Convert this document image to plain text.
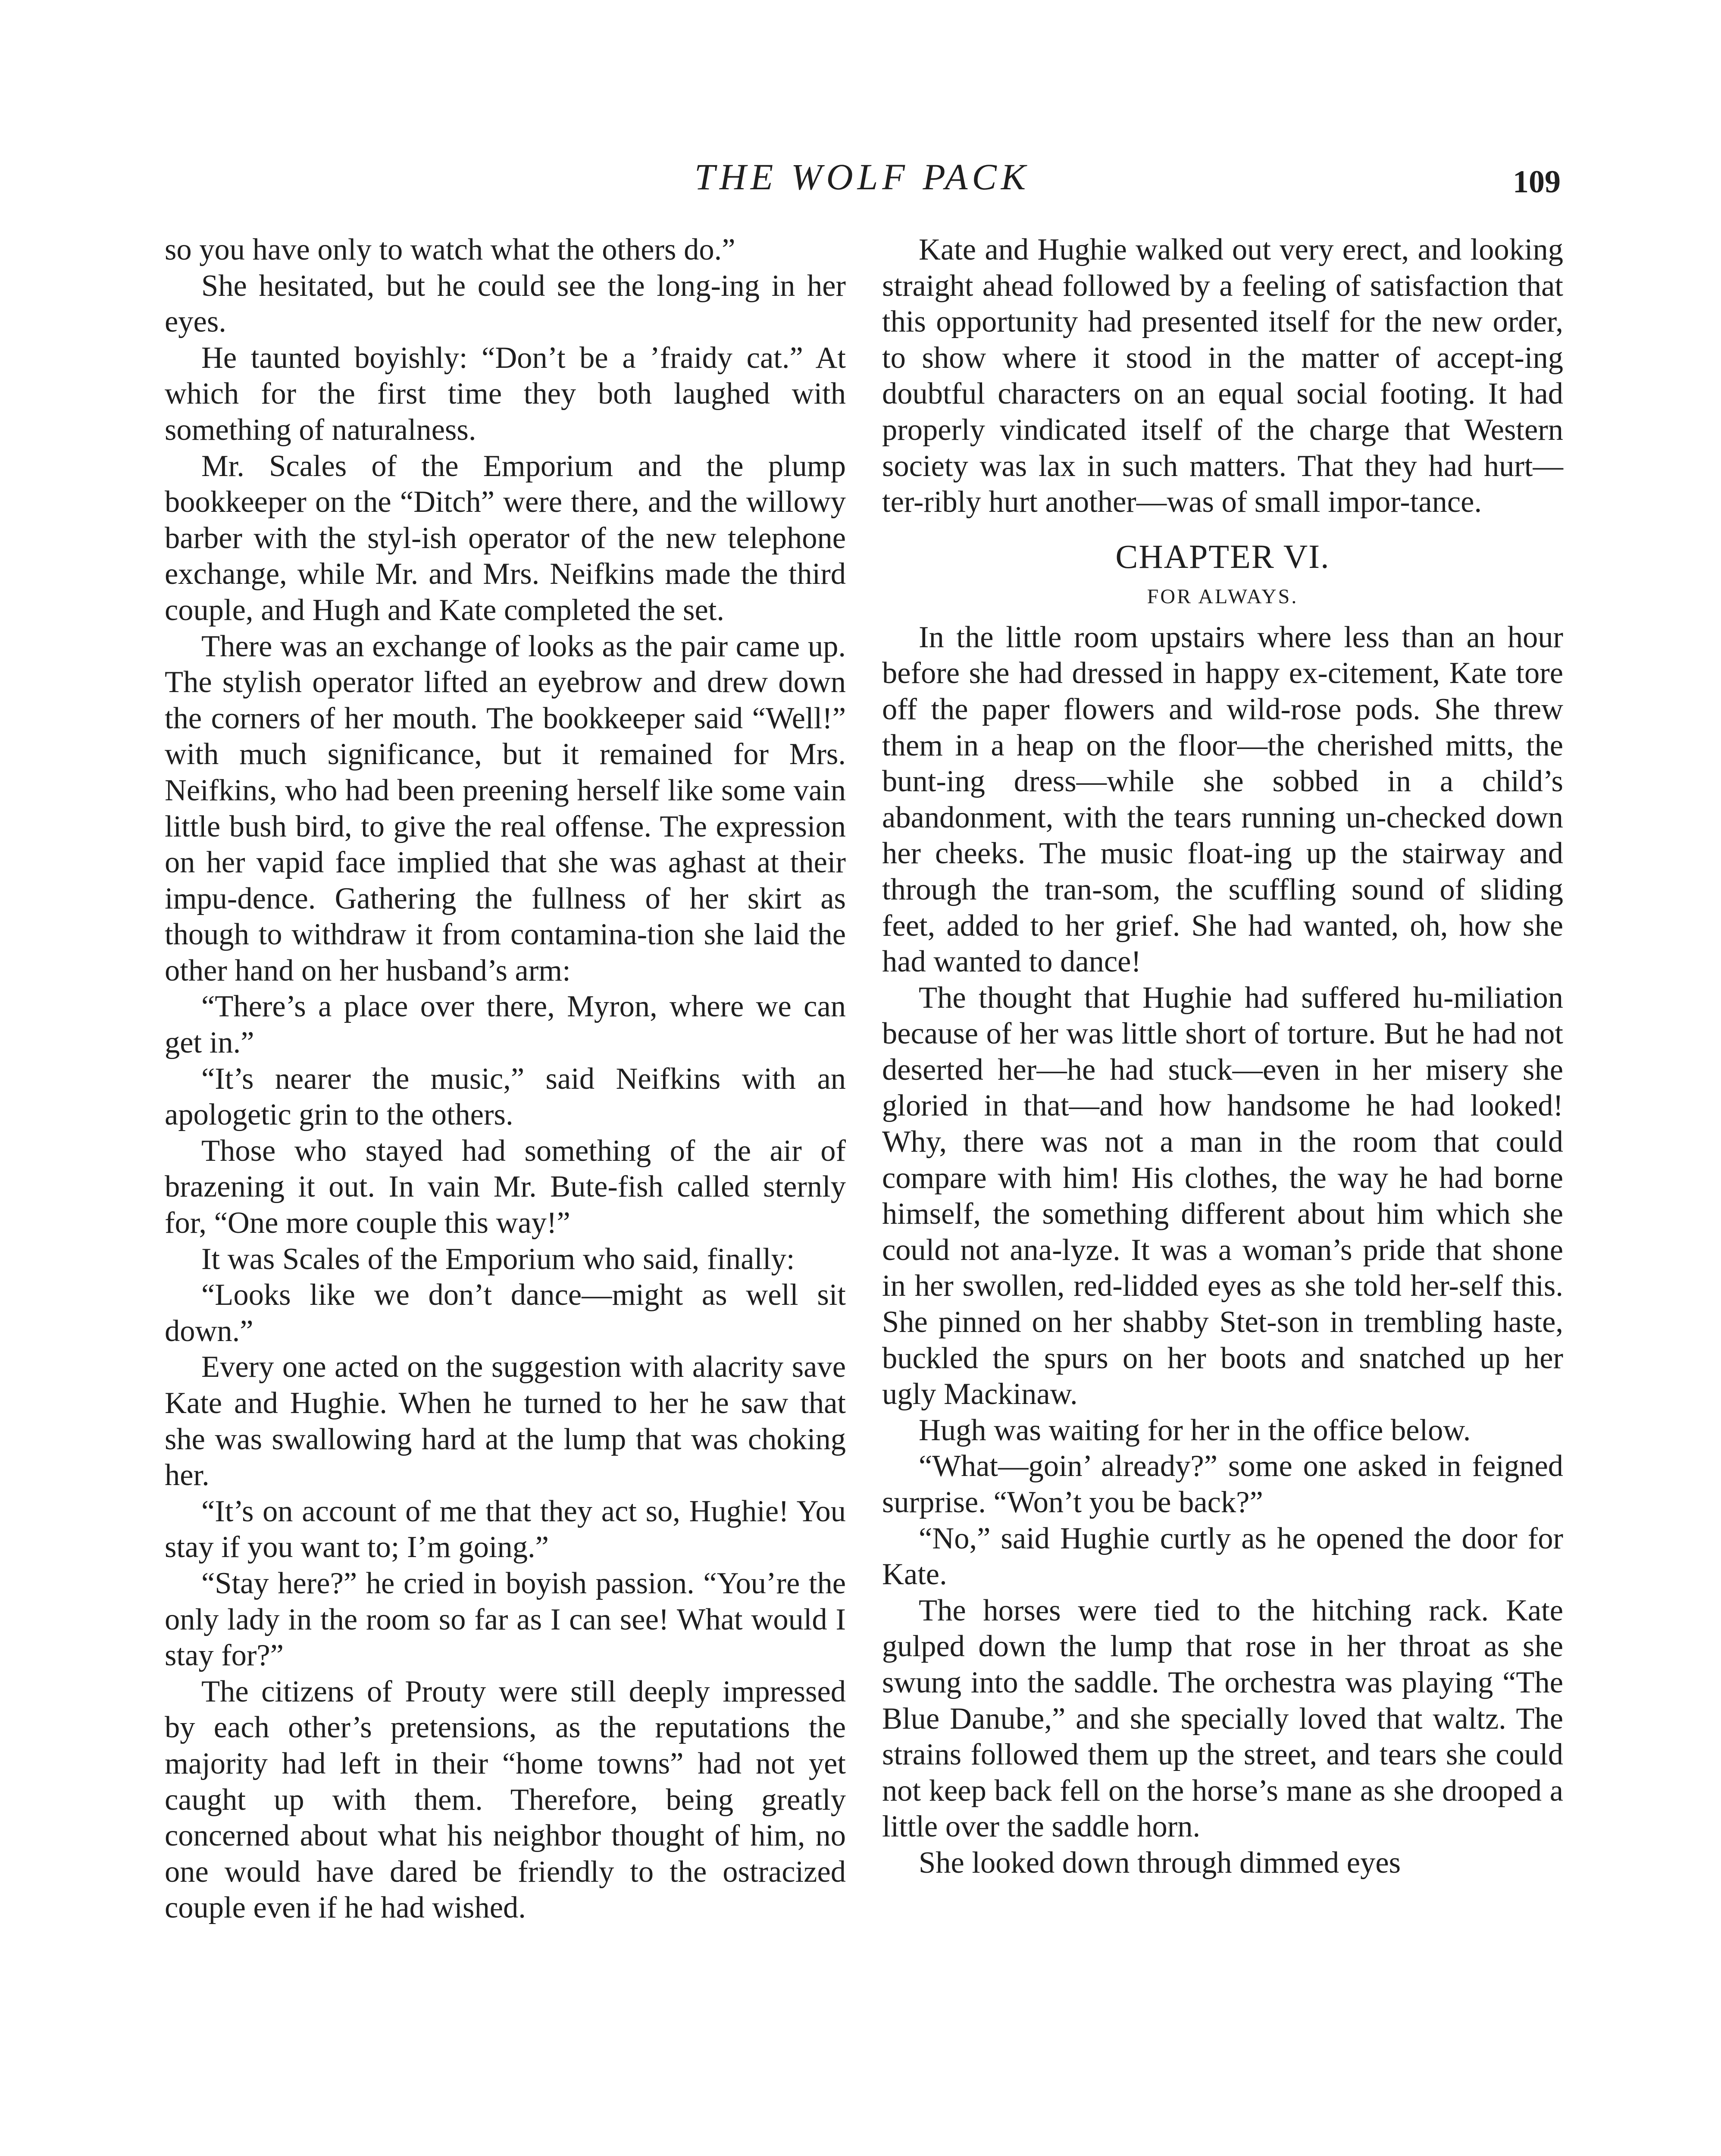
THE WOLF PACK	109

so you have only to watch what the others do.”

She hesitated, but he could see the long-ing in her eyes.

He taunted boyishly: “Don’t be a ’fraidy cat.” At which for the first time they both laughed with something of naturalness.

Mr. Scales of the Emporium and the plump bookkeeper on the “Ditch” were there, and the willowy barber with the styl-ish operator of the new telephone exchange, while Mr. and Mrs. Neifkins made the third couple, and Hugh and Kate completed the set.

There was an exchange of looks as the pair came up. The stylish operator lifted an eyebrow and drew down the corners of her mouth. The bookkeeper said “Well!” with much significance, but it remained for Mrs. Neifkins, who had been preening herself like some vain little bush bird, to give the real offense. The expression on her vapid face implied that she was aghast at their impu-dence. Gathering the fullness of her skirt as though to withdraw it from contamina-tion she laid the other hand on her husband’s arm:

“There’s a place over there, Myron, where we can get in.”

“It’s nearer the music,” said Neifkins with an apologetic grin to the others.

Those who stayed had something of the air of brazening it out. In vain Mr. Bute-fish called sternly for, “One more couple this way!”

It was Scales of the Emporium who said, finally:

“Looks like we don’t dance—might as well sit down.”

Every one acted on the suggestion with alacrity save Kate and Hughie. When he turned to her he saw that she was swallowing hard at the lump that was choking her.

“It’s on account of me that they act so, Hughie! You stay if you want to; I’m going.”

“Stay here?” he cried in boyish passion. “You’re the only lady in the room so far as I can see! What would I stay for?”

The citizens of Prouty were still deeply impressed by each other’s pretensions, as the reputations the majority had left in their “home towns” had not yet caught up with them. Therefore, being greatly concerned about what his neighbor thought of him, no one would have dared be friendly to the ostracized couple even if he had wished.

Kate and Hughie walked out very erect, and looking straight ahead followed by a feeling of satisfaction that this opportunity had presented itself for the new order, to show where it stood in the matter of accept-ing doubtful characters on an equal social footing. It had properly vindicated itself of the charge that Western society was lax in such matters. That they had hurt—ter-ribly hurt another—was of small impor-tance.

CHAPTER VI.
FOR ALWAYS.

In the little room upstairs where less than an hour before she had dressed in happy ex-citement, Kate tore off the paper flowers and wild-rose pods. She threw them in a heap on the floor—the cherished mitts, the bunt-ing dress—while she sobbed in a child’s abandonment, with the tears running un-checked down her cheeks. The music float-ing up the stairway and through the tran-som, the scuffling sound of sliding feet, added to her grief. She had wanted, oh, how she had wanted to dance!

The thought that Hughie had suffered hu-miliation because of her was little short of torture. But he had not deserted her—he had stuck—even in her misery she gloried in that—and how handsome he had looked! Why, there was not a man in the room that could compare with him! His clothes, the way he had borne himself, the something different about him which she could not ana-lyze. It was a woman’s pride that shone in her swollen, red-lidded eyes as she told her-self this. She pinned on her shabby Stet-son in trembling haste, buckled the spurs on her boots and snatched up her ugly Mackinaw.

Hugh was waiting for her in the office below.

“What—goin’ already?” some one asked in feigned surprise. “Won’t you be back?”

“No,” said Hughie curtly as he opened the door for Kate.

The horses were tied to the hitching rack. Kate gulped down the lump that rose in her throat as she swung into the saddle. The orchestra was playing “The Blue Danube,” and she specially loved that waltz. The strains followed them up the street, and tears she could not keep back fell on the horse’s mane as she drooped a little over the saddle horn.

She looked down through dimmed eyes
